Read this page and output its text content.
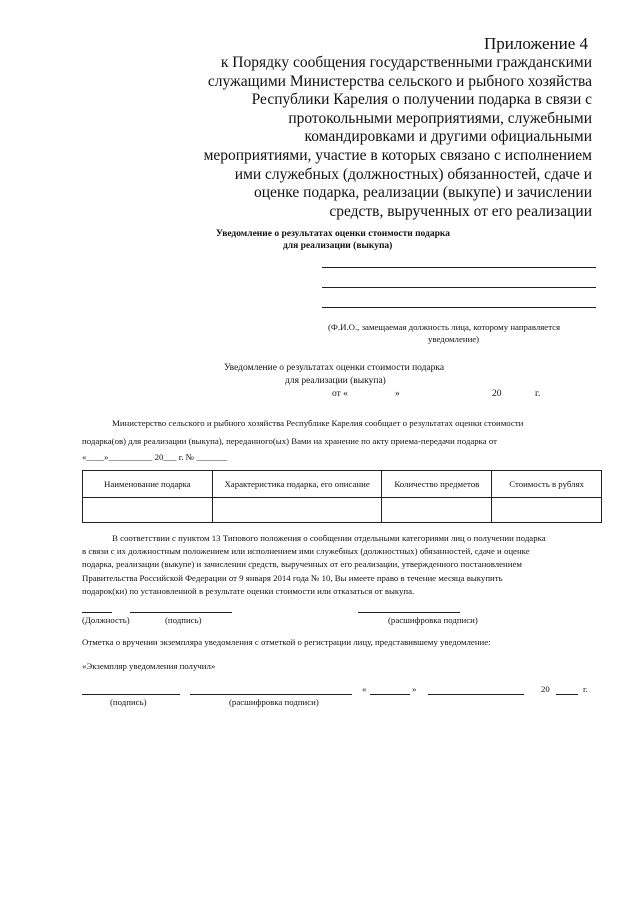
Приложение 4
к Порядку сообщения государственными гражданскими
служащими Министерства сельского и рыбного хозяйства
Республики Карелия о получении подарка в связи с
протокольными мероприятиями, служебными
командировками и другими официальными
мероприятиями, участие в которых связано с исполнением
ими служебных (должностных) обязанностей, сдаче и
оценке подарка, реализации (выкупе) и зачислении
средств, вырученных от его реализации
Уведомление о результатах оценки стоимости подарка
для реализации (выкупа)
(Ф.И.О., замещаемая должность лица, которому направляется
уведомление)
Уведомление о результатах оценки стоимости подарка
для реализации (выкупа)
от «	»	20	г.
Министерство сельского и рыбного хозяйства Республике Карелия сообщает о результатах оценки стоимости
подарка(ов) для реализации (выкупа), переданного(ых) Вами на хранение по акту приема-передачи подарка от
«____»__________ 20___ г. № _______
Наименование подарка	Характеристика подарка, его описание	Количество предметов	Стоимость в рублях

В соответствии с пунктом 13 Типового положения о сообщении отдельными категориями лиц о получении подарка
в связи с их должностным положением или исполнением ими служебных (должностных) обязанностей, сдаче и оценке
подарка, реализации (выкупе) и зачислении средств, вырученных от его реализации, утвержденного постановлением
Правительства Российской Федерации от 9 января 2014 года № 10, Вы имеете право в течение месяца выкупить
подарок(ки) по установленной в результате оценки стоимости или отказаться от выкупа.
(Должность)	(подпись)	(расшифровка подписи)
Отметка о вручении экземпляра уведомления с отметкой о регистрации лицу, представившему уведомление:
«Экземпляр уведомления получил»
«	»	20	г.
(подпись)	(расшифровка подписи)
